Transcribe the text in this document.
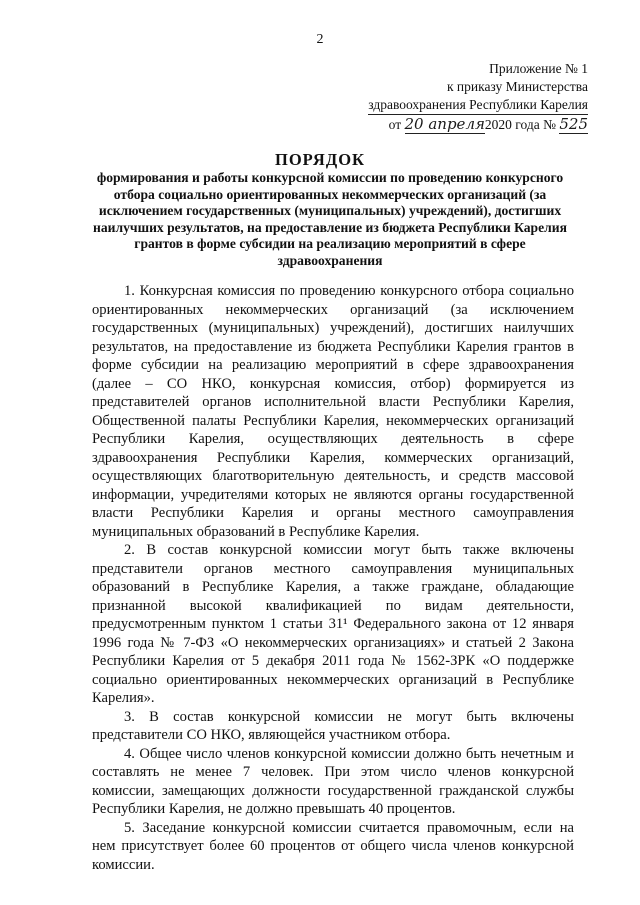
2
Приложение № 1
к приказу Министерства
здравоохранения Республики Карелия
от 20 апреля2020 года № 525
ПОРЯДОК
формирования и работы конкурсной комиссии по проведению конкурсного отбора социально ориентированных некоммерческих организаций (за исключением государственных (муниципальных) учреждений), достигших наилучших результатов, на предоставление из бюджета Республики Карелия грантов в форме субсидии на реализацию мероприятий в сфере здравоохранения

1. Конкурсная комиссия по проведению конкурсного отбора социально ориентированных некоммерческих организаций (за исключением государственных (муниципальных) учреждений), достигших наилучших результатов, на предоставление из бюджета Республики Карелия грантов в форме субсидии на реализацию мероприятий в сфере здравоохранения (далее – СО НКО, конкурсная комиссия, отбор) формируется из представителей органов исполнительной власти Республики Карелия, Общественной палаты Республики Карелия, некоммерческих организаций Республики Карелия, осуществляющих деятельность в сфере здравоохранения Республики Карелия, коммерческих организаций, осуществляющих благотворительную деятельность, и средств массовой информации, учредителями которых не являются органы государственной власти Республики Карелия и органы местного самоуправления муниципальных образований в Республике Карелия.

2. В состав конкурсной комиссии могут быть также включены представители органов местного самоуправления муниципальных образований в Республике Карелия, а также граждане, обладающие признанной высокой квалификацией по видам деятельности, предусмотренным пунктом 1 статьи 31¹ Федерального закона от 12 января 1996 года № 7-ФЗ «О некоммерческих организациях» и статьей 2 Закона Республики Карелия от 5 декабря 2011 года № 1562-ЗРК «О поддержке социально ориентированных некоммерческих организаций в Республике Карелия».

3. В состав конкурсной комиссии не могут быть включены представители СО НКО, являющейся участником отбора.

4. Общее число членов конкурсной комиссии должно быть нечетным и составлять не менее 7 человек. При этом число членов конкурсной комиссии, замещающих должности государственной гражданской службы Республики Карелия, не должно превышать 40 процентов.

5. Заседание конкурсной комиссии считается правомочным, если на нем присутствует более 60 процентов от общего числа членов конкурсной комиссии.
